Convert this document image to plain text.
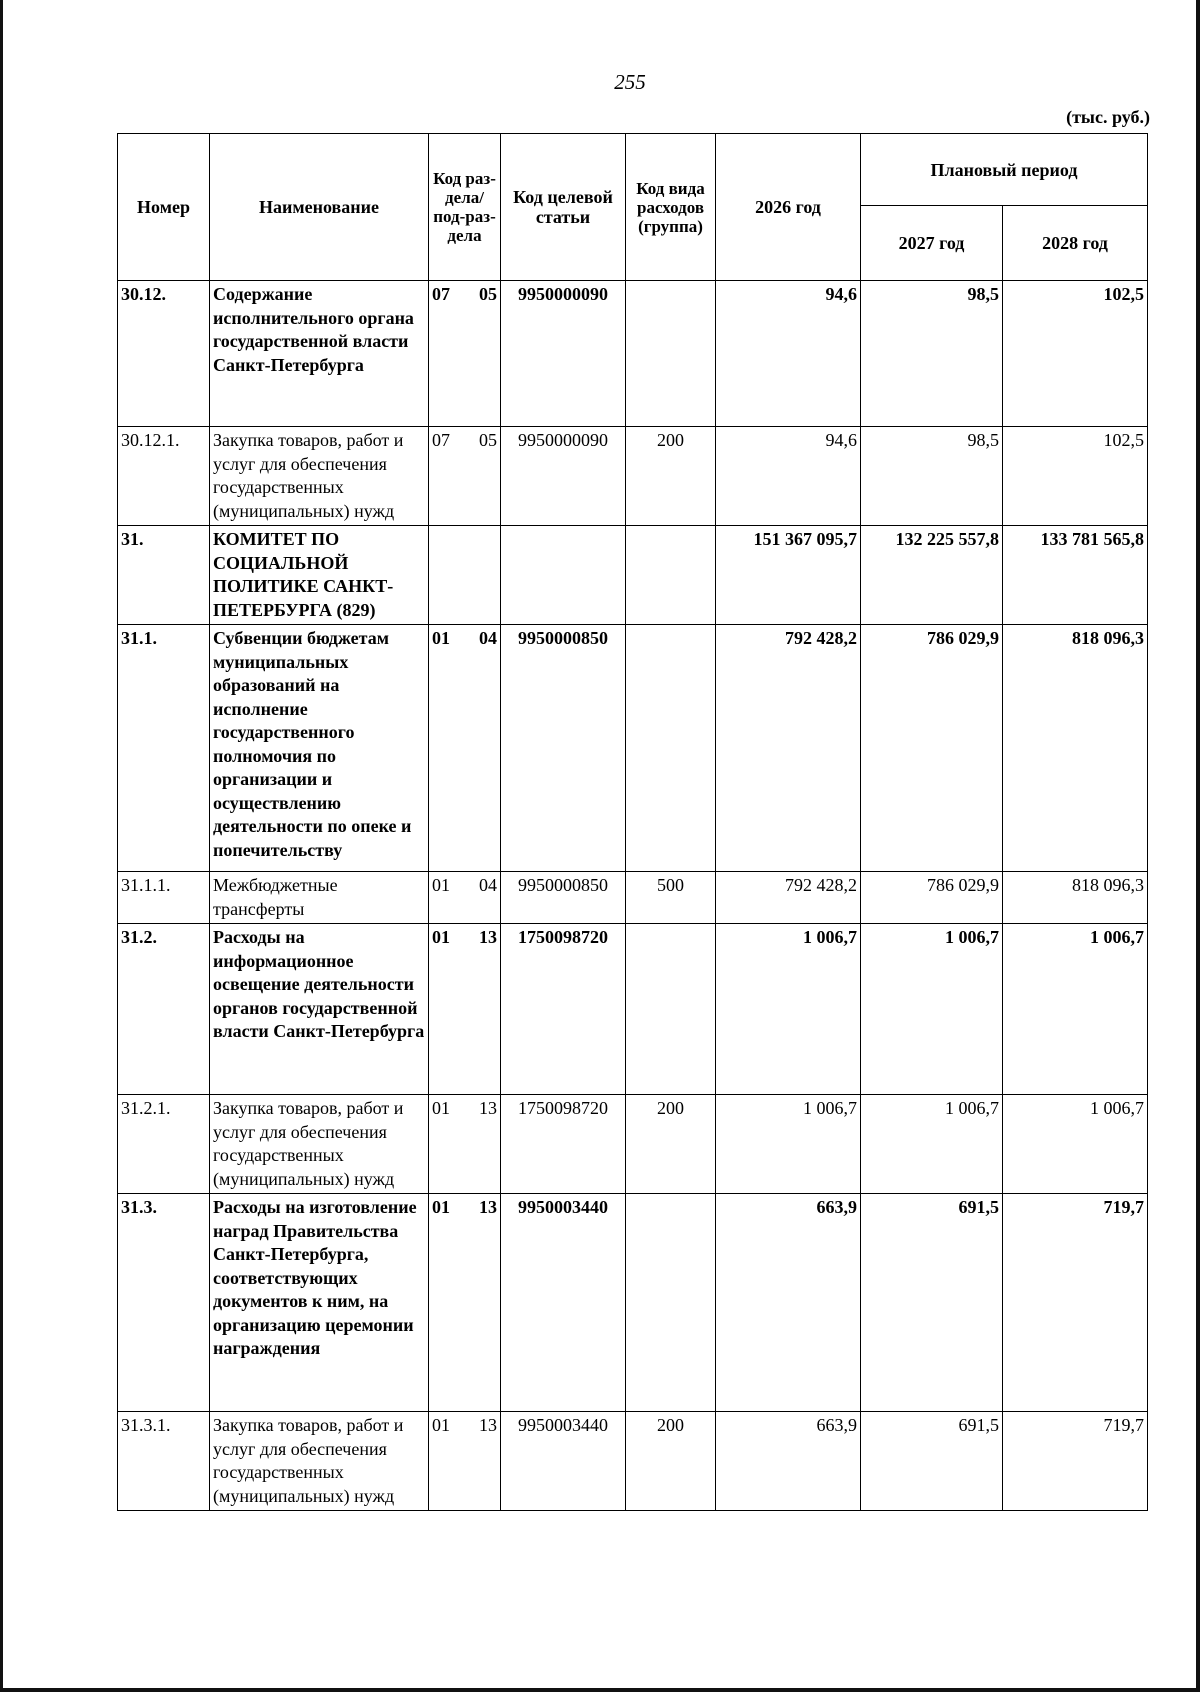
255
(тыс. руб.)
Номер	Наименование	Код раз-дела/ под-раз-дела	Код целевой статьи	Код вида расходов (группа)	2026 год	Плановый период	
						2027 год	2028 год
30.12.	Содержание исполнительного органа государственной власти Санкт-Петербурга	07 05	9950000090		94,6	98,5	102,5
30.12.1.	Закупка товаров, работ и услуг для обеспечения государственных (муниципальных) нужд	07 05	9950000090	200	94,6	98,5	102,5
31.	КОМИТЕТ ПО СОЦИАЛЬНОЙ ПОЛИТИКЕ САНКТ-ПЕТЕРБУРГА (829)				151 367 095,7	132 225 557,8	133 781 565,8
31.1.	Субвенции бюджетам муниципальных образований на исполнение государственного полномочия по организации и осуществлению деятельности по опеке и попечительству	01 04	9950000850		792 428,2	786 029,9	818 096,3
31.1.1.	Межбюджетные трансферты	01 04	9950000850	500	792 428,2	786 029,9	818 096,3
31.2.	Расходы на информационное освещение деятельности органов государственной власти Санкт-Петербурга	01 13	1750098720		1 006,7	1 006,7	1 006,7
31.2.1.	Закупка товаров, работ и услуг для обеспечения государственных (муниципальных) нужд	01 13	1750098720	200	1 006,7	1 006,7	1 006,7
31.3.	Расходы на изготовление наград Правительства Санкт-Петербурга, соответствующих документов к ним, на организацию церемонии награждения	01 13	9950003440		663,9	691,5	719,7
31.3.1.	Закупка товаров, работ и услуг для обеспечения государственных (муниципальных) нужд	01 13	9950003440	200	663,9	691,5	719,7
